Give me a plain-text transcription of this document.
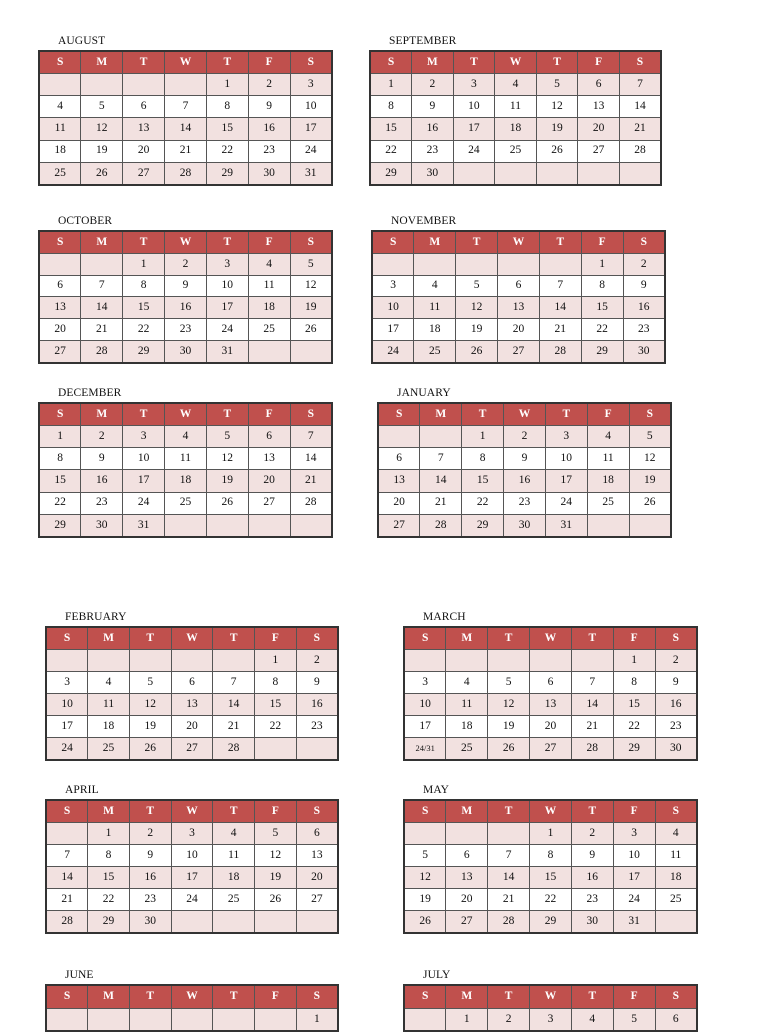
AUGUST
S	M	T	W	T	F	S
				1	2	3
4	5	6	7	8	9	10
11	12	13	14	15	16	17
18	19	20	21	22	23	24
25	26	27	28	29	30	31
SEPTEMBER
S	M	T	W	T	F	S
1	2	3	4	5	6	7
8	9	10	11	12	13	14
15	16	17	18	19	20	21
22	23	24	25	26	27	28
29	30					
OCTOBER
S	M	T	W	T	F	S
		1	2	3	4	5
6	7	8	9	10	11	12
13	14	15	16	17	18	19
20	21	22	23	24	25	26
27	28	29	30	31		
NOVEMBER
S	M	T	W	T	F	S
					1	2
3	4	5	6	7	8	9
10	11	12	13	14	15	16
17	18	19	20	21	22	23
24	25	26	27	28	29	30
DECEMBER
S	M	T	W	T	F	S
1	2	3	4	5	6	7
8	9	10	11	12	13	14
15	16	17	18	19	20	21
22	23	24	25	26	27	28
29	30	31				
JANUARY
S	M	T	W	T	F	S
		1	2	3	4	5
6	7	8	9	10	11	12
13	14	15	16	17	18	19
20	21	22	23	24	25	26
27	28	29	30	31		
FEBRUARY
S	M	T	W	T	F	S
					1	2
3	4	5	6	7	8	9
10	11	12	13	14	15	16
17	18	19	20	21	22	23
24	25	26	27	28		
MARCH
S	M	T	W	T	F	S
					1	2
3	4	5	6	7	8	9
10	11	12	13	14	15	16
17	18	19	20	21	22	23
24/31	25	26	27	28	29	30
APRIL
S	M	T	W	T	F	S
	1	2	3	4	5	6
7	8	9	10	11	12	13
14	15	16	17	18	19	20
21	22	23	24	25	26	27
28	29	30				
MAY
S	M	T	W	T	F	S
			1	2	3	4
5	6	7	8	9	10	11
12	13	14	15	16	17	18
19	20	21	22	23	24	25
26	27	28	29	30	31	
JUNE
S	M	T	W	T	F	S
						1
JULY
S	M	T	W	T	F	S
	1	2	3	4	5	6
